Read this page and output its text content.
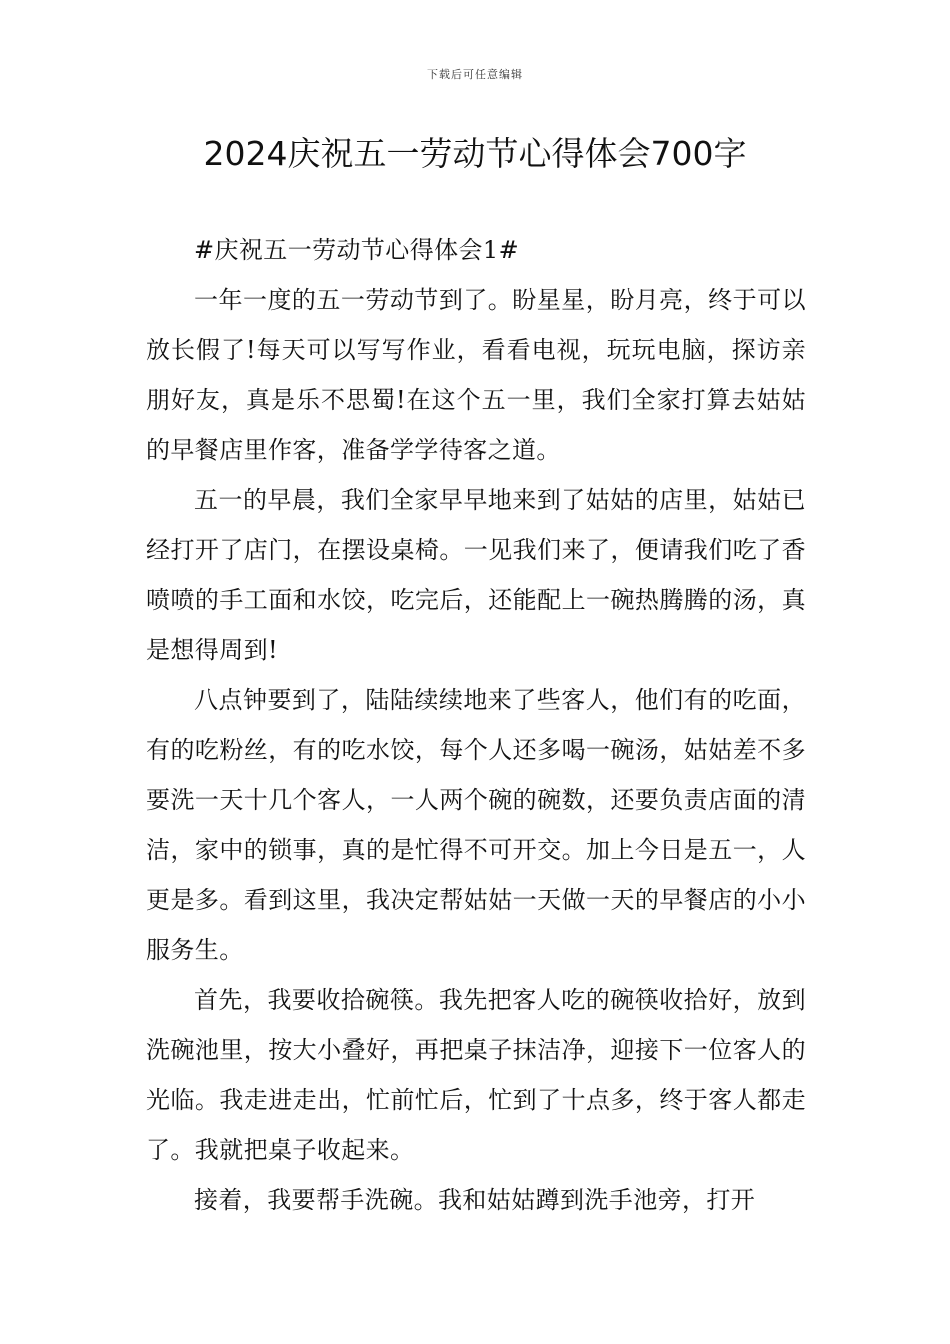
下载后可任意编辑
2024庆祝五一劳动节心得体会700字

#庆祝五一劳动节心得体会1#

一年一度的五一劳动节到了。盼星星，盼月亮，终于可以放长假了!每天可以写写作业，看看电视，玩玩电脑，探访亲朋好友，真是乐不思蜀!在这个五一里，我们全家打算去姑姑的早餐店里作客，准备学学待客之道。

五一的早晨，我们全家早早地来到了姑姑的店里，姑姑已经打开了店门，在摆设桌椅。一见我们来了，便请我们吃了香喷喷的手工面和水饺，吃完后，还能配上一碗热腾腾的汤，真是想得周到!

八点钟要到了，陆陆续续地来了些客人，他们有的吃面，有的吃粉丝，有的吃水饺，每个人还多喝一碗汤，姑姑差不多要洗一天十几个客人，一人两个碗的碗数，还要负责店面的清洁，家中的锁事，真的是忙得不可开交。加上今日是五一，人更是多。看到这里，我决定帮姑姑一天做一天的早餐店的小小服务生。

首先，我要收拾碗筷。我先把客人吃的碗筷收拾好，放到洗碗池里，按大小叠好，再把桌子抹洁净，迎接下一位客人的光临。我走进走出，忙前忙后，忙到了十点多，终于客人都走了。我就把桌子收起来。

接着，我要帮手洗碗。我和姑姑蹲到洗手池旁，打开
